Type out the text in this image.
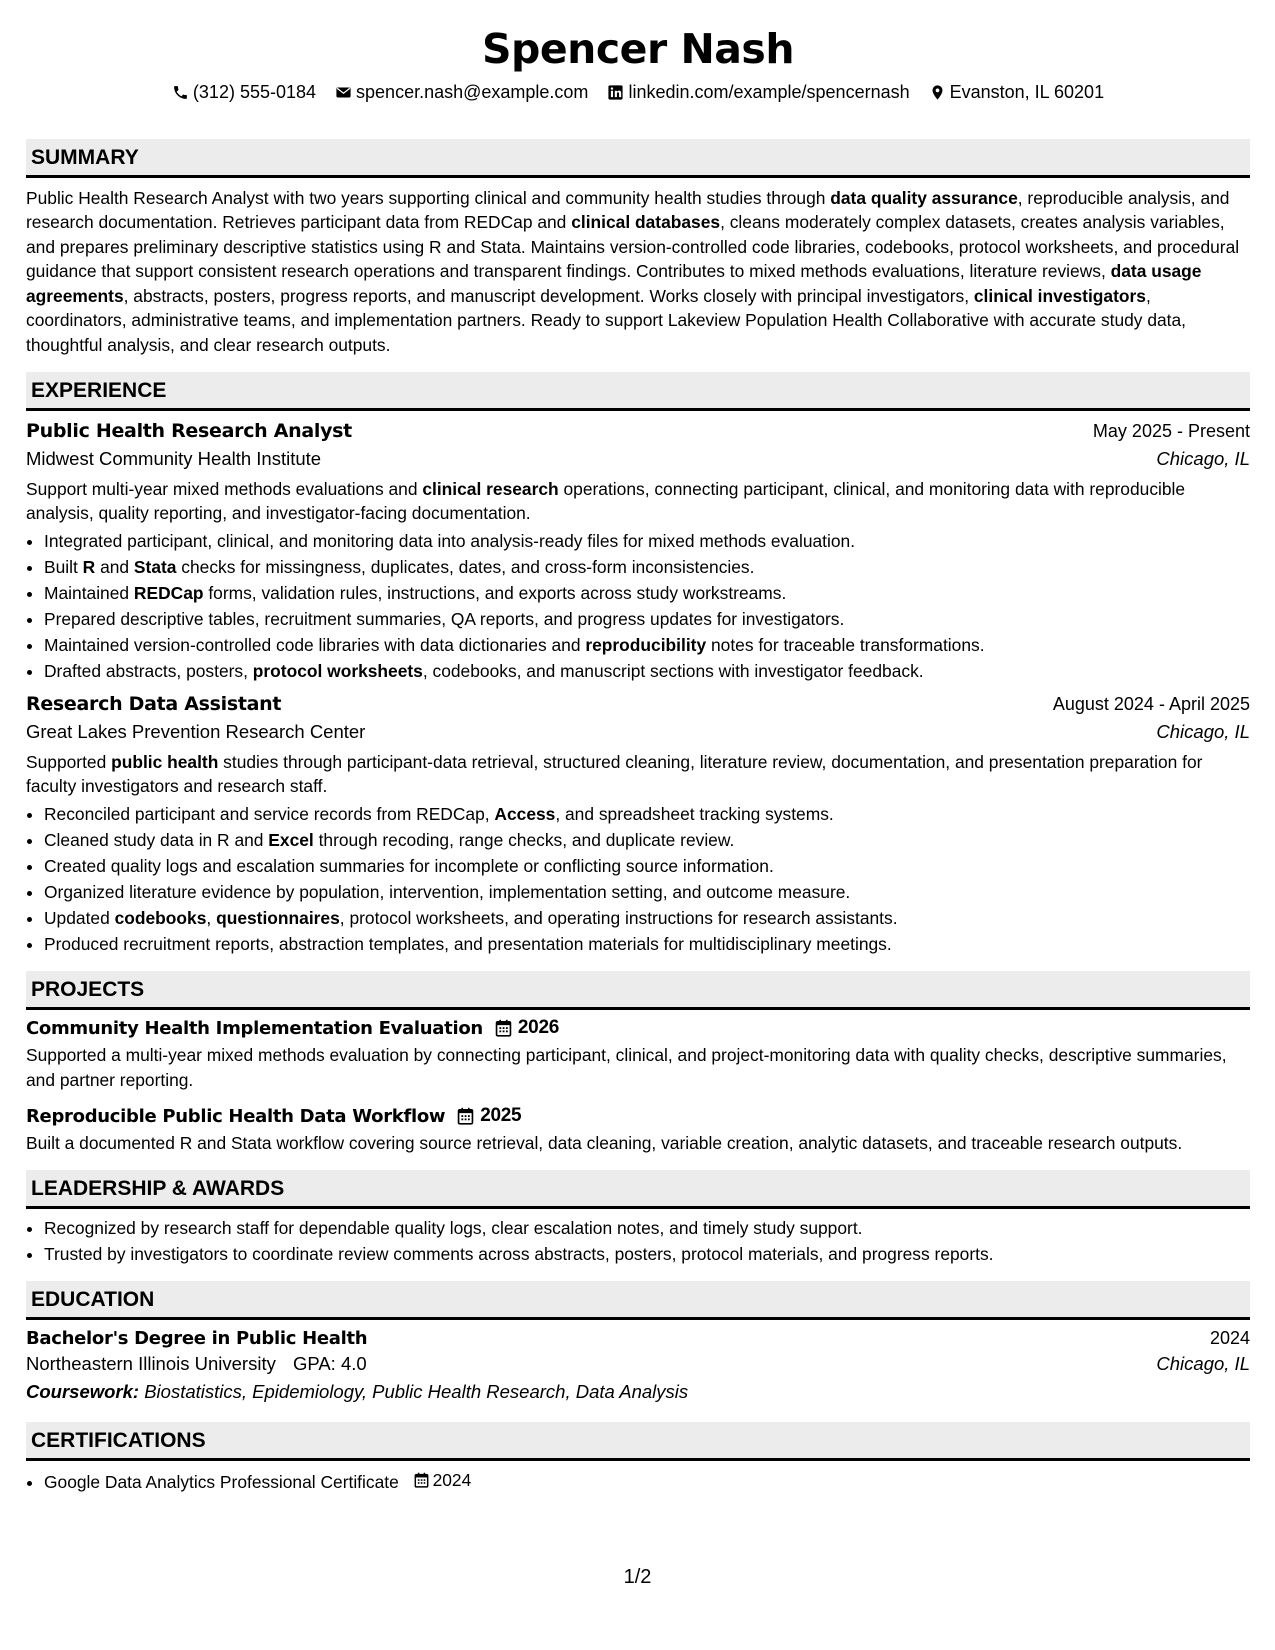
Spencer Nash
(312) 555-0184
spencer.nash@example.com
linkedin.com/example/spencernash
Evanston, IL 60201
SUMMARY
Public Health Research Analyst with two years supporting clinical and community health studies through data quality assurance, reproducible analysis, and research documentation. Retrieves participant data from REDCap and clinical databases, cleans moderately complex datasets, creates analysis variables, and prepares preliminary descriptive statistics using R and Stata. Maintains version-controlled code libraries, codebooks, protocol worksheets, and procedural guidance that support consistent research operations and transparent findings. Contributes to mixed methods evaluations, literature reviews, data usage agreements, abstracts, posters, progress reports, and manuscript development. Works closely with principal investigators, clinical investigators, coordinators, administrative teams, and implementation partners. Ready to support Lakeview Population Health Collaborative with accurate study data, thoughtful analysis, and clear research outputs.
EXPERIENCE
Public Health Research Analyst	May 2025 - Present
Midwest Community Health Institute	Chicago, IL
Support multi-year mixed methods evaluations and clinical research operations, connecting participant, clinical, and monitoring data with reproducible analysis, quality reporting, and investigator-facing documentation.
• Integrated participant, clinical, and monitoring data into analysis-ready files for mixed methods evaluation.
• Built R and Stata checks for missingness, duplicates, dates, and cross-form inconsistencies.
• Maintained REDCap forms, validation rules, instructions, and exports across study workstreams.
• Prepared descriptive tables, recruitment summaries, QA reports, and progress updates for investigators.
• Maintained version-controlled code libraries with data dictionaries and reproducibility notes for traceable transformations.
• Drafted abstracts, posters, protocol worksheets, codebooks, and manuscript sections with investigator feedback.
Research Data Assistant	August 2024 - April 2025
Great Lakes Prevention Research Center	Chicago, IL
Supported public health studies through participant-data retrieval, structured cleaning, literature review, documentation, and presentation preparation for faculty investigators and research staff.
• Reconciled participant and service records from REDCap, Access, and spreadsheet tracking systems.
• Cleaned study data in R and Excel through recoding, range checks, and duplicate review.
• Created quality logs and escalation summaries for incomplete or conflicting source information.
• Organized literature evidence by population, intervention, implementation setting, and outcome measure.
• Updated codebooks, questionnaires, protocol worksheets, and operating instructions for research assistants.
• Produced recruitment reports, abstraction templates, and presentation materials for multidisciplinary meetings.
PROJECTS
Community Health Implementation Evaluation 2026
Supported a multi-year mixed methods evaluation by connecting participant, clinical, and project-monitoring data with quality checks, descriptive summaries, and partner reporting.
Reproducible Public Health Data Workflow 2025
Built a documented R and Stata workflow covering source retrieval, data cleaning, variable creation, analytic datasets, and traceable research outputs.
LEADERSHIP & AWARDS
• Recognized by research staff for dependable quality logs, clear escalation notes, and timely study support.
• Trusted by investigators to coordinate review comments across abstracts, posters, protocol materials, and progress reports.
EDUCATION
Bachelor's Degree in Public Health	2024
Northeastern Illinois University GPA: 4.0	Chicago, IL
Coursework: Biostatistics, Epidemiology, Public Health Research, Data Analysis
CERTIFICATIONS
• Google Data Analytics Professional Certificate 2024
1/2
